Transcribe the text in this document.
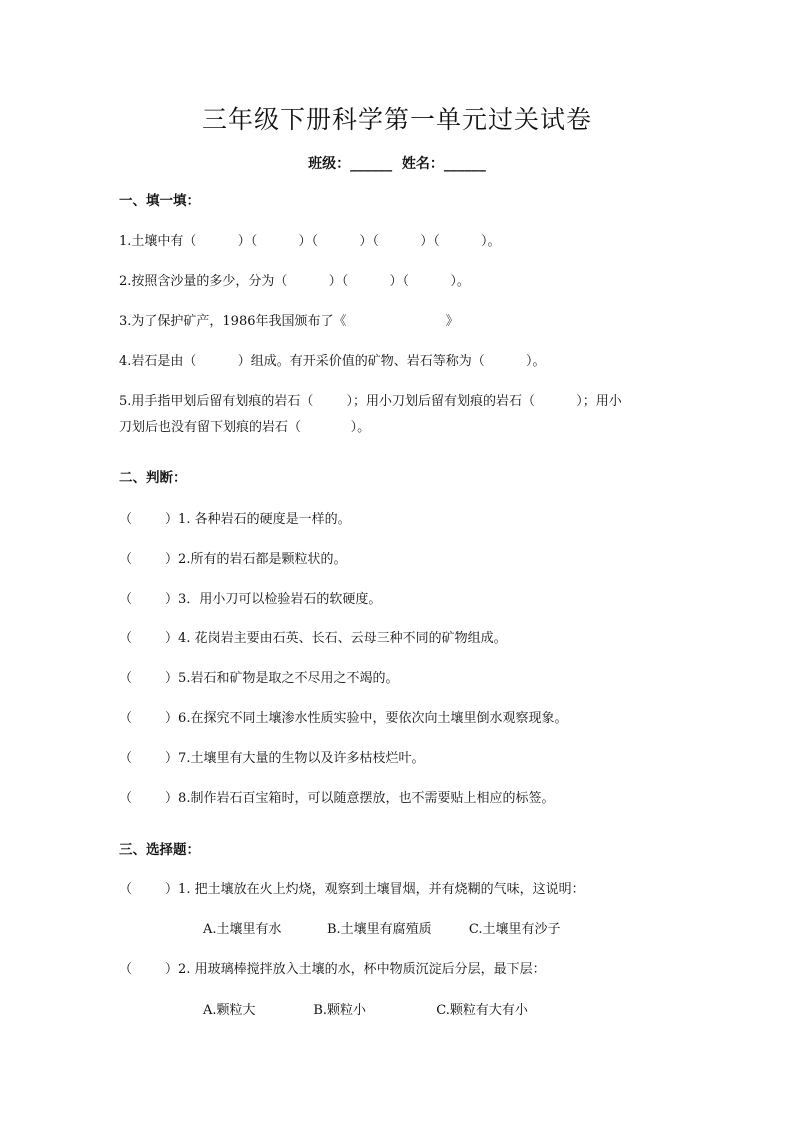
三年级下册科学第一单元过关试卷
班级：______  姓名：______
一、填一填：
1.土壤中有（          ）（          ）（          ）（          ）（          ）。
2.按照含沙量的多少，分为（          ）（          ）（          ）。
3.为了保护矿产，1986年我国颁布了《                        》
4.岩石是由（          ）组成。有开采价值的矿物、岩石等称为（          ）。
5.用手指甲划后留有划痕的岩石（        ）；用小刀划后留有划痕的岩石（          ）；用小
刀划后也没有留下划痕的岩石（            ）。
二、判断：
（        ）1. 各种岩石的硬度是一样的。
（        ）2.所有的岩石都是颗粒状的。
（        ）3．用小刀可以检验岩石的软硬度。
（        ）4. 花岗岩主要由石英、长石、云母三种不同的矿物组成。
（        ）5.岩石和矿物是取之不尽用之不竭的。
（        ）6.在探究不同土壤渗水性质实验中，要依次向土壤里倒水观察现象。
（        ）7.土壤里有大量的生物以及许多枯枝烂叶。
（        ）8.制作岩石百宝箱时，可以随意摆放，也不需要贴上相应的标签。
三、选择题：
（        ）1. 把土壤放在火上灼烧，观察到土壤冒烟，并有烧糊的气味，这说明：
A.土壤里有水           B.土壤里有腐殖质         C.土壤里有沙子
（        ）2. 用玻璃棒搅拌放入土壤的水，杯中物质沉淀后分层，最下层：
A.颗粒大              B.颗粒小                 C.颗粒有大有小
